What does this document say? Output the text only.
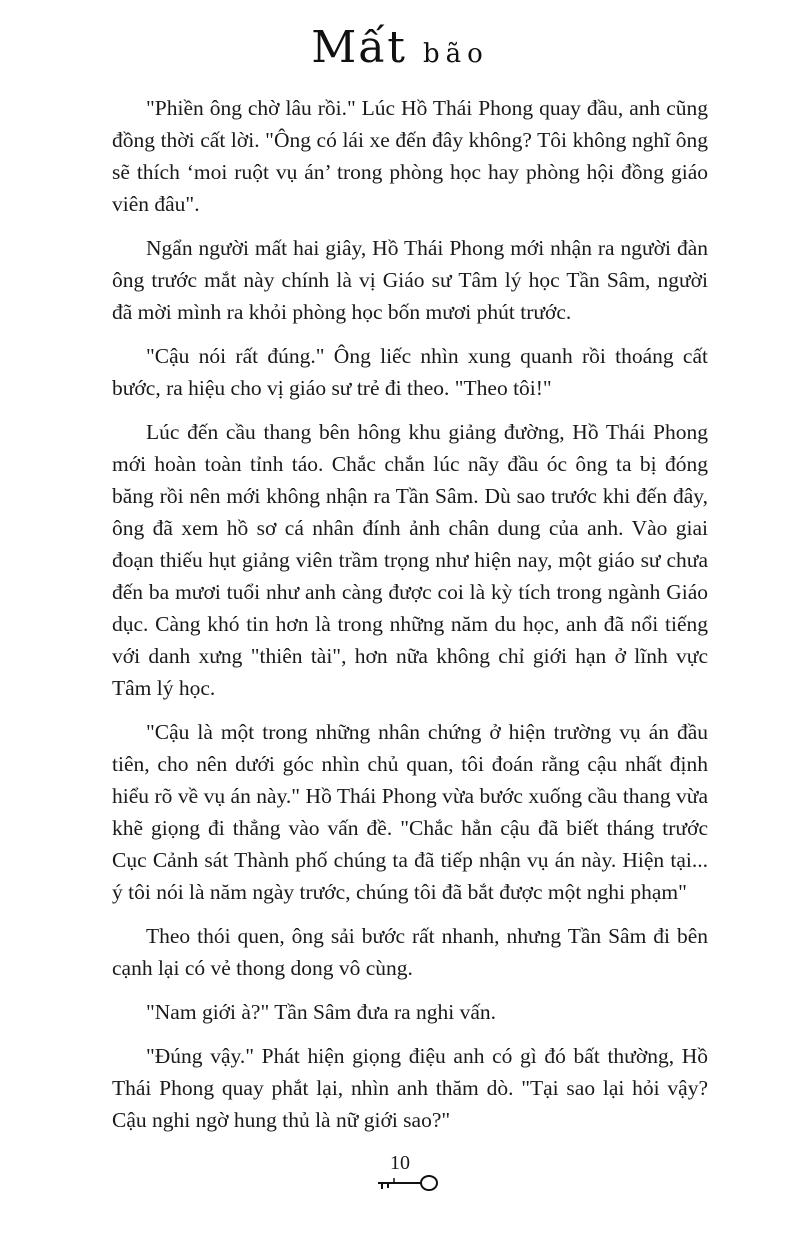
Mất bão

"Phiền ông chờ lâu rồi." Lúc Hồ Thái Phong quay đầu, anh cũng đồng thời cất lời. "Ông có lái xe đến đây không? Tôi không nghĩ ông sẽ thích ‘moi ruột vụ án’ trong phòng học hay phòng hội đồng giáo viên đâu".

Ngẩn người mất hai giây, Hồ Thái Phong mới nhận ra người đàn ông trước mắt này chính là vị Giáo sư Tâm lý học Tần Sâm, người đã mời mình ra khỏi phòng học bốn mươi phút trước.

"Cậu nói rất đúng." Ông liếc nhìn xung quanh rồi thoáng cất bước, ra hiệu cho vị giáo sư trẻ đi theo. "Theo tôi!"

Lúc đến cầu thang bên hông khu giảng đường, Hồ Thái Phong mới hoàn toàn tỉnh táo. Chắc chắn lúc nãy đầu óc ông ta bị đóng băng rồi nên mới không nhận ra Tần Sâm. Dù sao trước khi đến đây, ông đã xem hồ sơ cá nhân đính ảnh chân dung của anh. Vào giai đoạn thiếu hụt giảng viên trầm trọng như hiện nay, một giáo sư chưa đến ba mươi tuổi như anh càng được coi là kỳ tích trong ngành Giáo dục. Càng khó tin hơn là trong những năm du học, anh đã nổi tiếng với danh xưng "thiên tài", hơn nữa không chỉ giới hạn ở lĩnh vực Tâm lý học.

"Cậu là một trong những nhân chứng ở hiện trường vụ án đầu tiên, cho nên dưới góc nhìn chủ quan, tôi đoán rằng cậu nhất định hiểu rõ về vụ án này." Hồ Thái Phong vừa bước xuống cầu thang vừa khẽ giọng đi thẳng vào vấn đề. "Chắc hẳn cậu đã biết tháng trước Cục Cảnh sát Thành phố chúng ta đã tiếp nhận vụ án này. Hiện tại... ý tôi nói là năm ngày trước, chúng tôi đã bắt được một nghi phạm"

Theo thói quen, ông sải bước rất nhanh, nhưng Tần Sâm đi bên cạnh lại có vẻ thong dong vô cùng.

"Nam giới à?" Tần Sâm đưa ra nghi vấn.

"Đúng vậy." Phát hiện giọng điệu anh có gì đó bất thường, Hồ Thái Phong quay phắt lại, nhìn anh thăm dò. "Tại sao lại hỏi vậy? Cậu nghi ngờ hung thủ là nữ giới sao?"

10
